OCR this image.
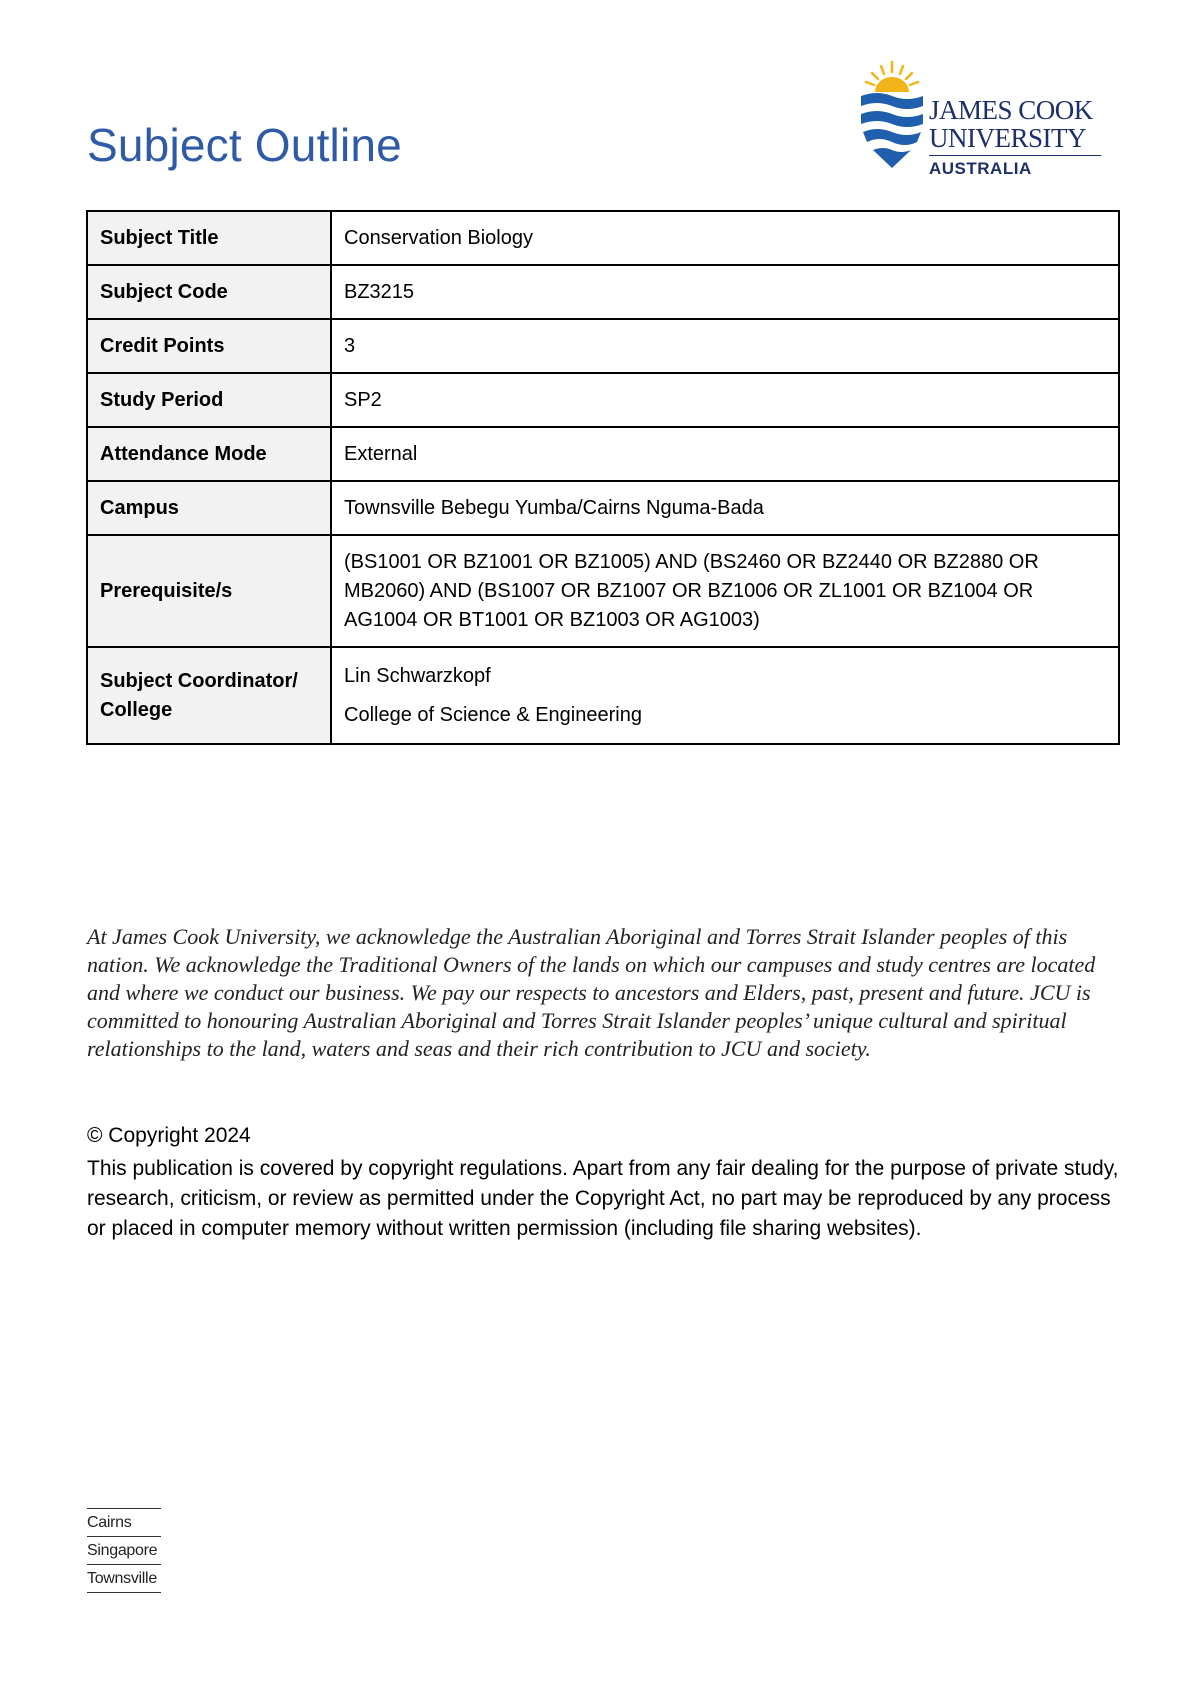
Subject Outline
JAMES COOK
UNIVERSITY
AUSTRALIA
Subject Title	Conservation Biology
Subject Code	BZ3215
Credit Points	3
Study Period	SP2
Attendance Mode	External
Campus	Townsville Bebegu Yumba/Cairns Nguma-Bada
Prerequisite/s	(BS1001 OR BZ1001 OR BZ1005) AND (BS2460 OR BZ2440 OR BZ2880 OR MB2060) AND (BS1007 OR BZ1007 OR BZ1006 OR ZL1001 OR BZ1004 OR AG1004 OR BT1001 OR BZ1003 OR AG1003)
Subject Coordinator/ College	Lin Schwarzkopf
College of Science & Engineering
At James Cook University, we acknowledge the Australian Aboriginal and Torres Strait Islander peoples of this nation. We acknowledge the Traditional Owners of the lands on which our campuses and study centres are located and where we conduct our business. We pay our respects to ancestors and Elders, past, present and future. JCU is committed to honouring Australian Aboriginal and Torres Strait Islander peoples’ unique cultural and spiritual relationships to the land, waters and seas and their rich contribution to JCU and society.
© Copyright 2024
This publication is covered by copyright regulations. Apart from any fair dealing for the purpose of private study, research, criticism, or review as permitted under the Copyright Act, no part may be reproduced by any process or placed in computer memory without written permission (including file sharing websites).
Cairns
Singapore
Townsville
